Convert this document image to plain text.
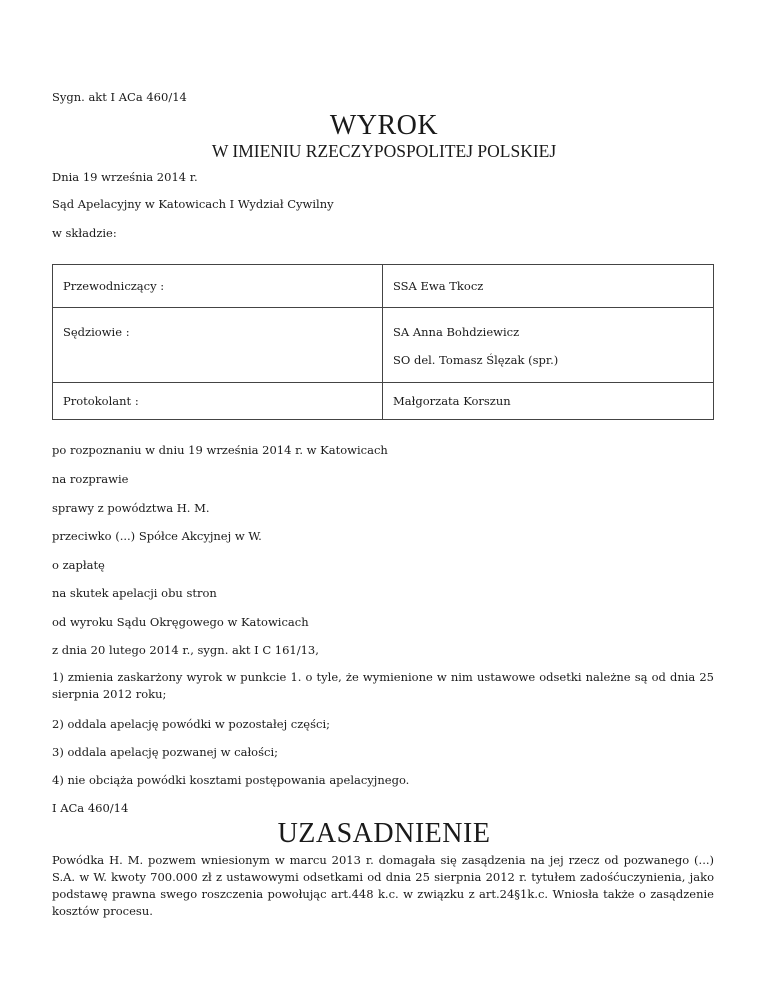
Sygn. akt I ACa 460/14
WYROK
W IMIENIU RZECZYPOSPOLITEJ POLSKIEJ
Dnia 19 września 2014 r.
Sąd Apelacyjny w Katowicach I Wydział Cywilny
w składzie:
Przewodniczący :	SSA Ewa Tkocz

Sędziowie :	SA Anna Bohdziewicz
SO del. Tomasz Ślęzak (spr.)

Protokolant :	Małgorzata Korszun
po rozpoznaniu w dniu 19 września 2014 r. w Katowicach
na rozprawie
sprawy z powództwa H. M.
przeciwko (...) Spółce Akcyjnej w W.
o zapłatę
na skutek apelacji obu stron
od wyroku Sądu Okręgowego w Katowicach
z dnia 20 lutego 2014 r., sygn. akt I C 161/13,
1) zmienia zaskarżony wyrok w punkcie 1. o tyle, że wymienione w nim ustawowe odsetki należne są od dnia 25 sierpnia 2012 roku;
2) oddala apelację powódki w pozostałej części;
3) oddala apelację pozwanej w całości;
4) nie obciąża powódki kosztami postępowania apelacyjnego.
I ACa 460/14
UZASADNIENIE
Powódka H. M. pozwem wniesionym w marcu 2013 r. domagała się zasądzenia na jej rzecz od pozwanego (...) S.A. w W. kwoty 700.000 zł z ustawowymi odsetkami od dnia 25 sierpnia 2012 r. tytułem zadośćuczynienia, jako podstawę prawna swego roszczenia powołując art.448 k.c. w związku z art.24§1k.c. Wniosła także o zasądzenie kosztów procesu.
